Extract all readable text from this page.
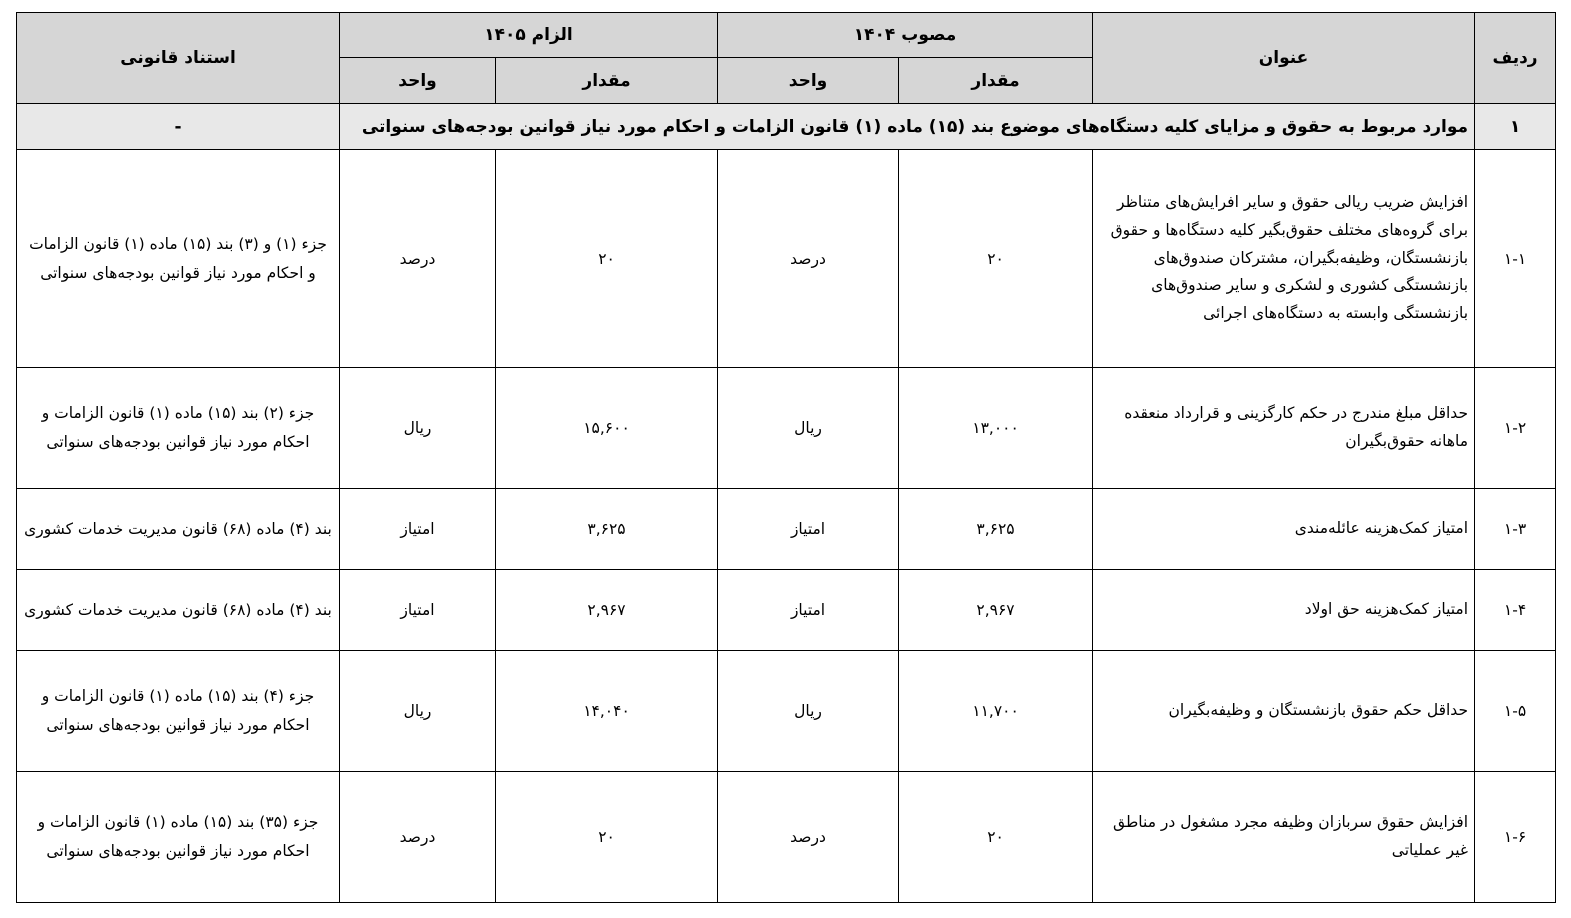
ردیف	عنوان	مصوب ۱۴۰۴		الزام ۱۴۰۵		استناد قانونی
		مقدار	واحد	مقدار	واحد	
۱	موارد مربوط به حقوق و مزایای کلیه دستگاه‌های موضوع بند (۱۵) ماده (۱) قانون الزامات و احکام مورد نیاز قوانین بودجه‌های سنواتی					-
۱-۱	افزایش ضریب ریالی حقوق و سایر افرایش‌های متناظر برای گروه‌های مختلف حقوق‌بگیر کلیه دستگاه‌ها و حقوق بازنشستگان، وظیفه‌بگیران، مشترکان صندوق‌های بازنشستگی کشوری و لشکری و سایر صندوق‌های بازنشستگی وابسته به دستگاه‌های اجرائی	۲۰	درصد	۲۰	درصد	جزء (۱) و (۳) بند (۱۵) ماده (۱) قانون الزامات و احکام مورد نیاز قوانین بودجه‌های سنواتی
۱-۲	حداقل مبلغ مندرج در حکم کارگزینی و قرارداد منعقده ماهانه حقوق‌بگیران	۱۳,۰۰۰	ریال	۱۵,۶۰۰	ریال	جزء (۲) بند (۱۵) ماده (۱) قانون الزامات و احکام مورد نیاز قوانین بودجه‌های سنواتی
۱-۳	امتیاز کمک‌هزینه عائله‌مندی	۳,۶۲۵	امتیاز	۳,۶۲۵	امتیاز	بند (۴) ماده (۶۸) قانون مدیریت خدمات کشوری
۱-۴	امتیاز کمک‌هزینه حق اولاد	۲,۹۶۷	امتیاز	۲,۹۶۷	امتیاز	بند (۴) ماده (۶۸) قانون مدیریت خدمات کشوری
۱-۵	حداقل حکم حقوق بازنشستگان و وظیفه‌بگیران	۱۱,۷۰۰	ریال	۱۴,۰۴۰	ریال	جزء (۴) بند (۱۵) ماده (۱) قانون الزامات و احکام مورد نیاز قوانین بودجه‌های سنواتی
۱-۶	افزایش حقوق سربازان وظیفه مجرد مشغول در مناطق غیر عملیاتی	۲۰	درصد	۲۰	درصد	جزء (۳۵) بند (۱۵) ماده (۱) قانون الزامات و احکام مورد نیاز قوانین بودجه‌های سنواتی
